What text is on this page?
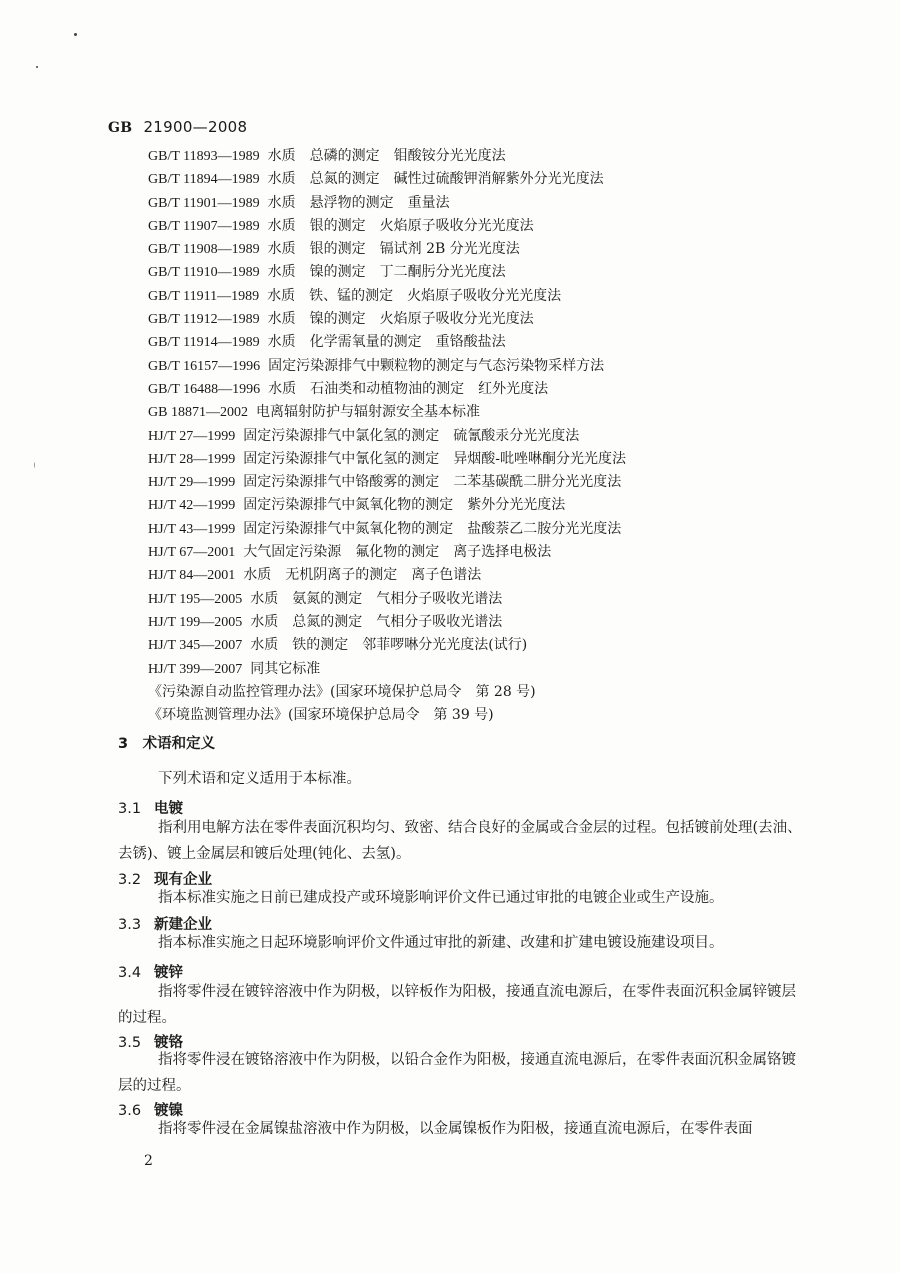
GB 21900—2008
GB/T 11893—1989 水质　总磷的测定　钼酸铵分光光度法
GB/T 11894—1989 水质　总氮的测定　碱性过硫酸钾消解紫外分光光度法
GB/T 11901—1989 水质　悬浮物的测定　重量法
GB/T 11907—1989 水质　银的测定　火焰原子吸收分光光度法
GB/T 11908—1989 水质　银的测定　镉试剂 2B 分光光度法
GB/T 11910—1989 水质　镍的测定　丁二酮肟分光光度法
GB/T 11911—1989 水质　铁、锰的测定　火焰原子吸收分光光度法
GB/T 11912—1989 水质　镍的测定　火焰原子吸收分光光度法
GB/T 11914—1989 水质　化学需氧量的测定　重铬酸盐法
GB/T 16157—1996 固定污染源排气中颗粒物的测定与气态污染物采样方法
GB/T 16488—1996 水质　石油类和动植物油的测定　红外光度法
GB 18871—2002 电离辐射防护与辐射源安全基本标准
HJ/T 27—1999 固定污染源排气中氯化氢的测定　硫氰酸汞分光光度法
HJ/T 28—1999 固定污染源排气中氰化氢的测定　异烟酸-吡唑啉酮分光光度法
HJ/T 29—1999 固定污染源排气中铬酸雾的测定　二苯基碳酰二肼分光光度法
HJ/T 42—1999 固定污染源排气中氮氧化物的测定　紫外分光光度法
HJ/T 43—1999 固定污染源排气中氮氧化物的测定　盐酸萘乙二胺分光光度法
HJ/T 67—2001 大气固定污染源　氟化物的测定　离子选择电极法
HJ/T 84—2001 水质　无机阴离子的测定　离子色谱法
HJ/T 195—2005 水质　氨氮的测定　气相分子吸收光谱法
HJ/T 199—2005 水质　总氮的测定　气相分子吸收光谱法
HJ/T 345—2007 水质　铁的测定　邻菲啰啉分光光度法(试行)
HJ/T 399—2007 同其它标准
《污染源自动监控管理办法》(国家环境保护总局令　第 28 号)
《环境监测管理办法》(国家环境保护总局令　第 39 号)
3　术语和定义
下列术语和定义适用于本标准。
3.1 电镀
指利用电解方法在零件表面沉积均匀、致密、结合良好的金属或合金层的过程。包括镀前处理(去油、去锈)、镀上金属层和镀后处理(钝化、去氢)。
3.2 现有企业
指本标准实施之日前已建成投产或环境影响评价文件已通过审批的电镀企业或生产设施。
3.3 新建企业
指本标准实施之日起环境影响评价文件通过审批的新建、改建和扩建电镀设施建设项目。
3.4 镀锌
指将零件浸在镀锌溶液中作为阴极，以锌板作为阳极，接通直流电源后，在零件表面沉积金属锌镀层的过程。
3.5 镀铬
指将零件浸在镀铬溶液中作为阴极，以铅合金作为阳极，接通直流电源后，在零件表面沉积金属铬镀层的过程。
3.6 镀镍
指将零件浸在金属镍盐溶液中作为阴极，以金属镍板作为阳极，接通直流电源后，在零件表面
2
